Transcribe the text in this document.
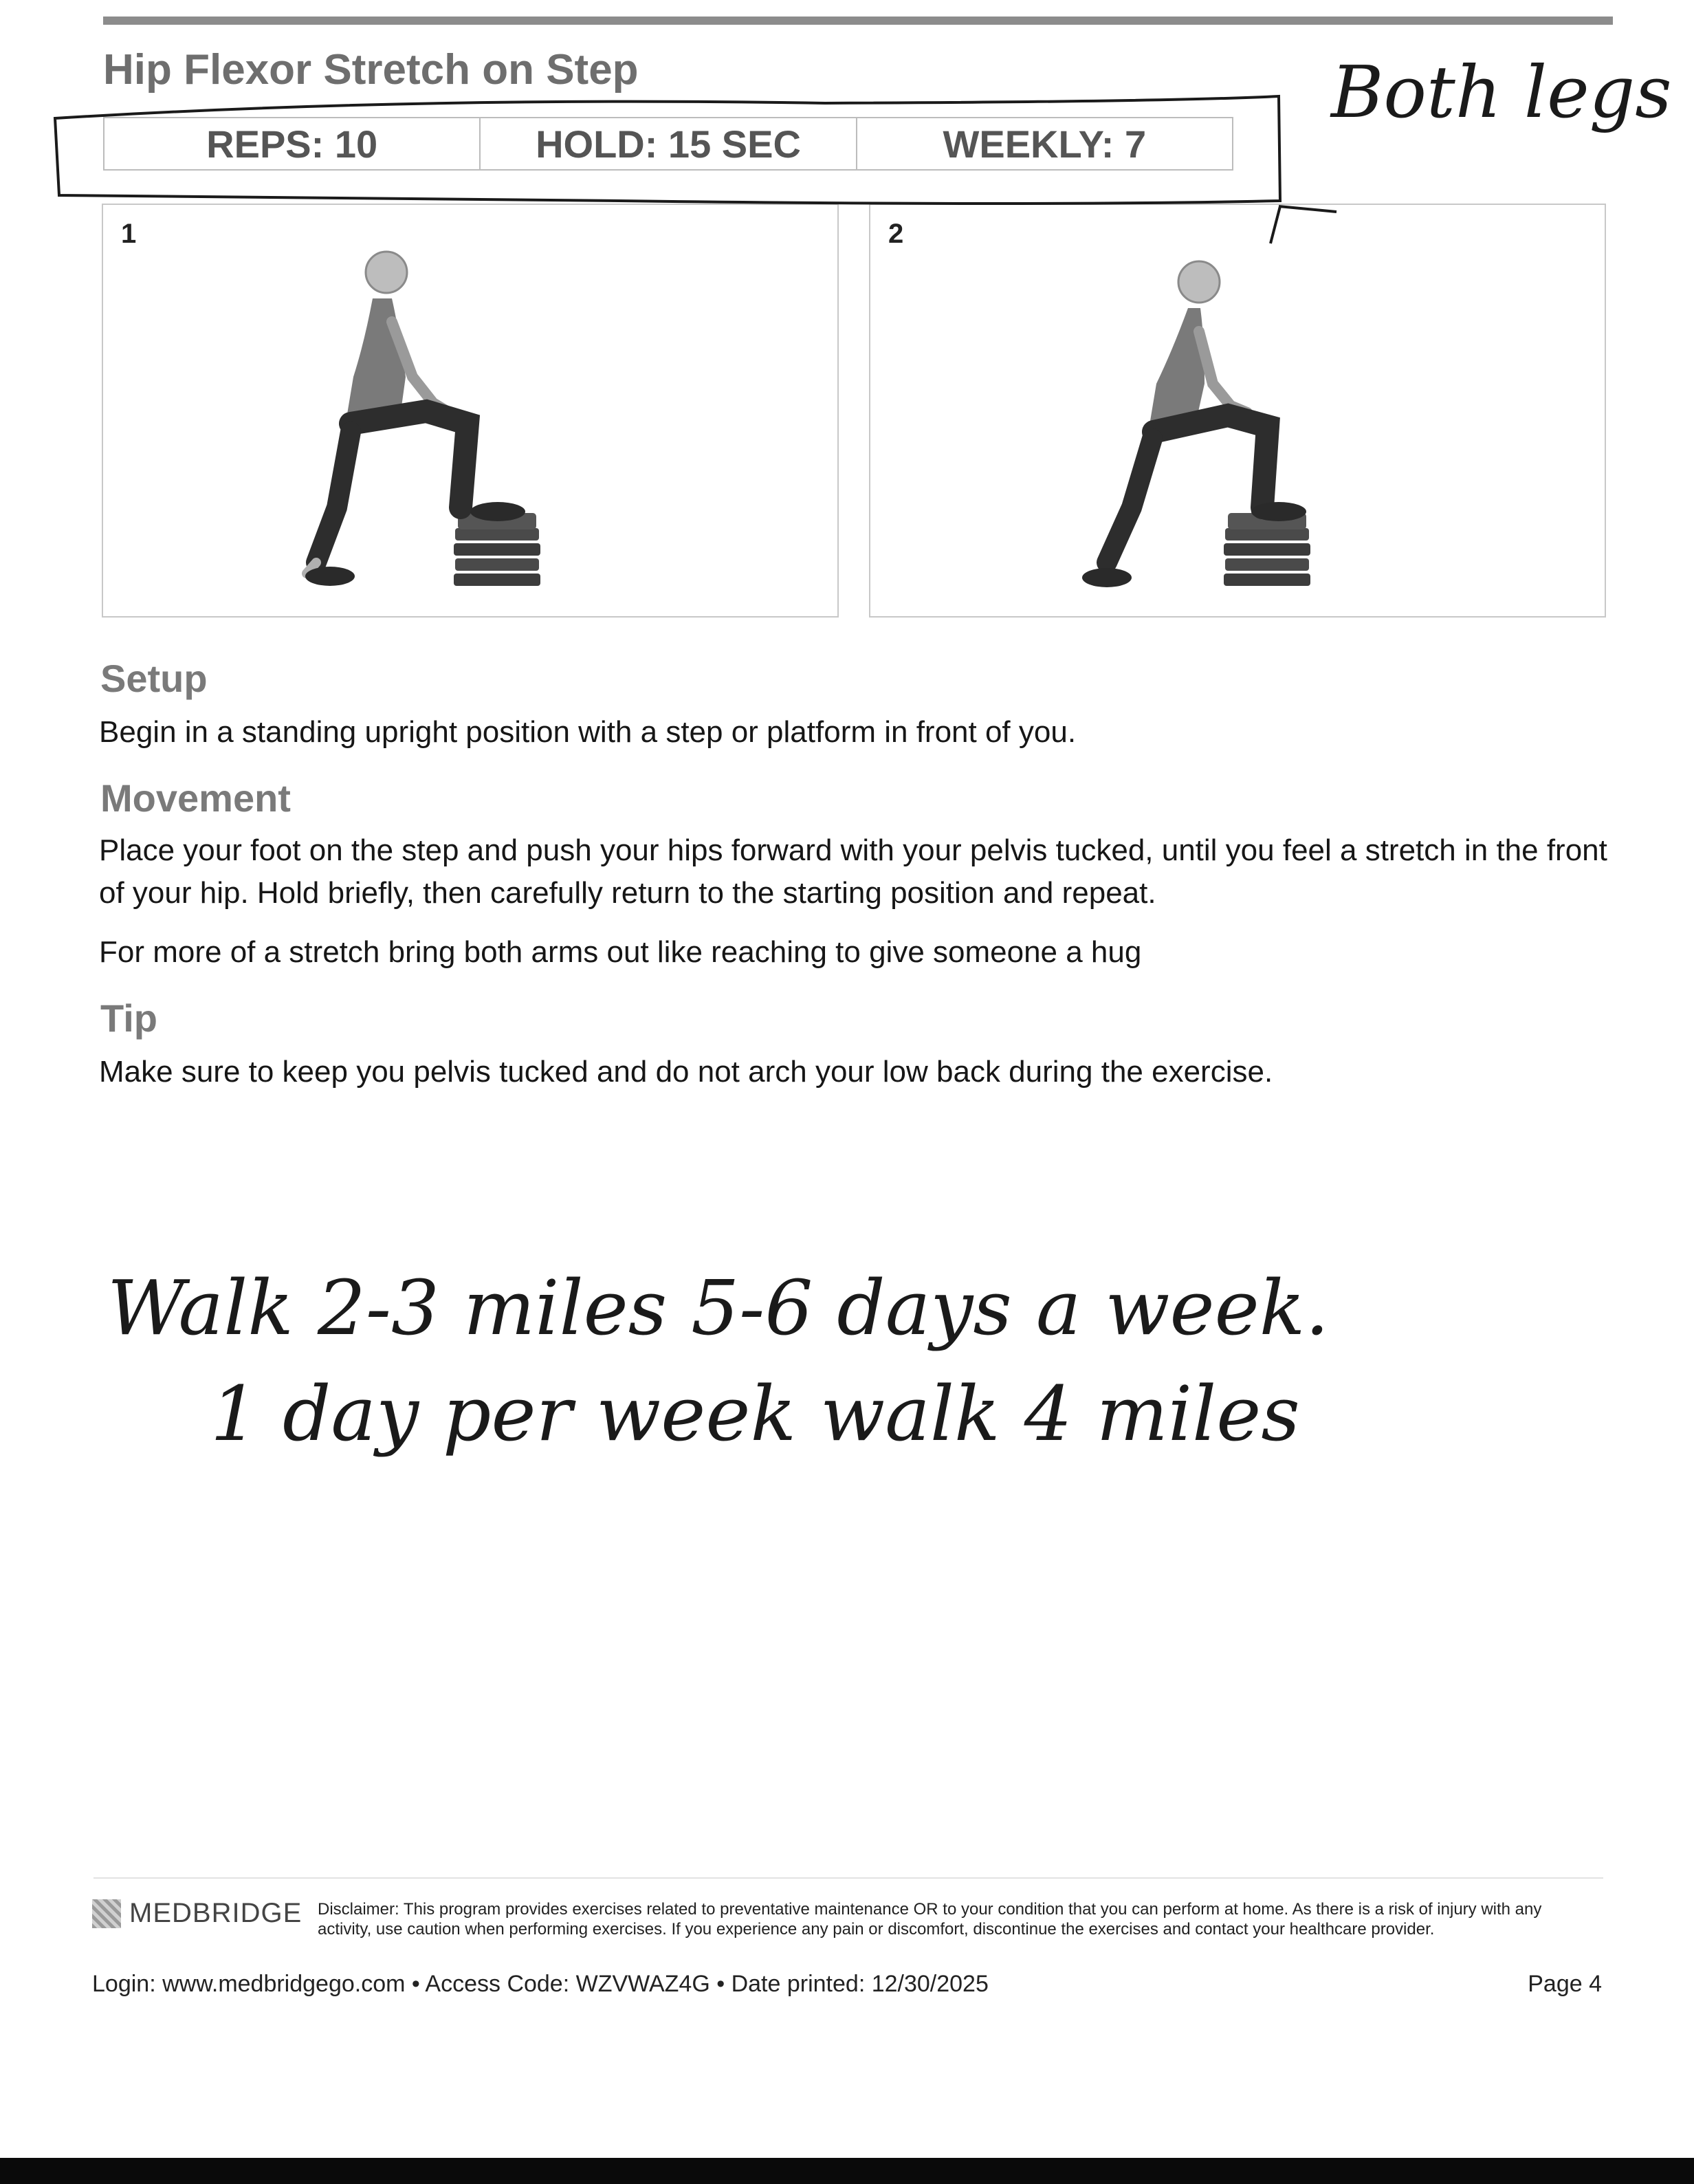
Hip Flexor Stretch on Step
REPS: 10	HOLD: 15 SEC	WEEKLY: 7
1	2
Setup
Begin in a standing upright position with a step or platform in front of you.
Movement
Place your foot on the step and push your hips forward with your pelvis tucked, until you feel a stretch in the front of your hip. Hold briefly, then carefully return to the starting position and repeat.
For more of a stretch bring both arms out like reaching to give someone a hug
Tip
Make sure to keep you pelvis tucked and do not arch your low back during the exercise.
Both legs
Walk 2-3 miles 5-6 days a week.
1 day per week walk 4 miles
MEDBRIDGE Disclaimer: This program provides exercises related to preventative maintenance OR to your condition that you can perform at home. As there is a risk of injury with any activity, use caution when performing exercises. If you experience any pain or discomfort, discontinue the exercises and contact your healthcare provider.
Login: www.medbridgego.com • Access Code: WZVWAZ4G • Date printed: 12/30/2025	Page 4
